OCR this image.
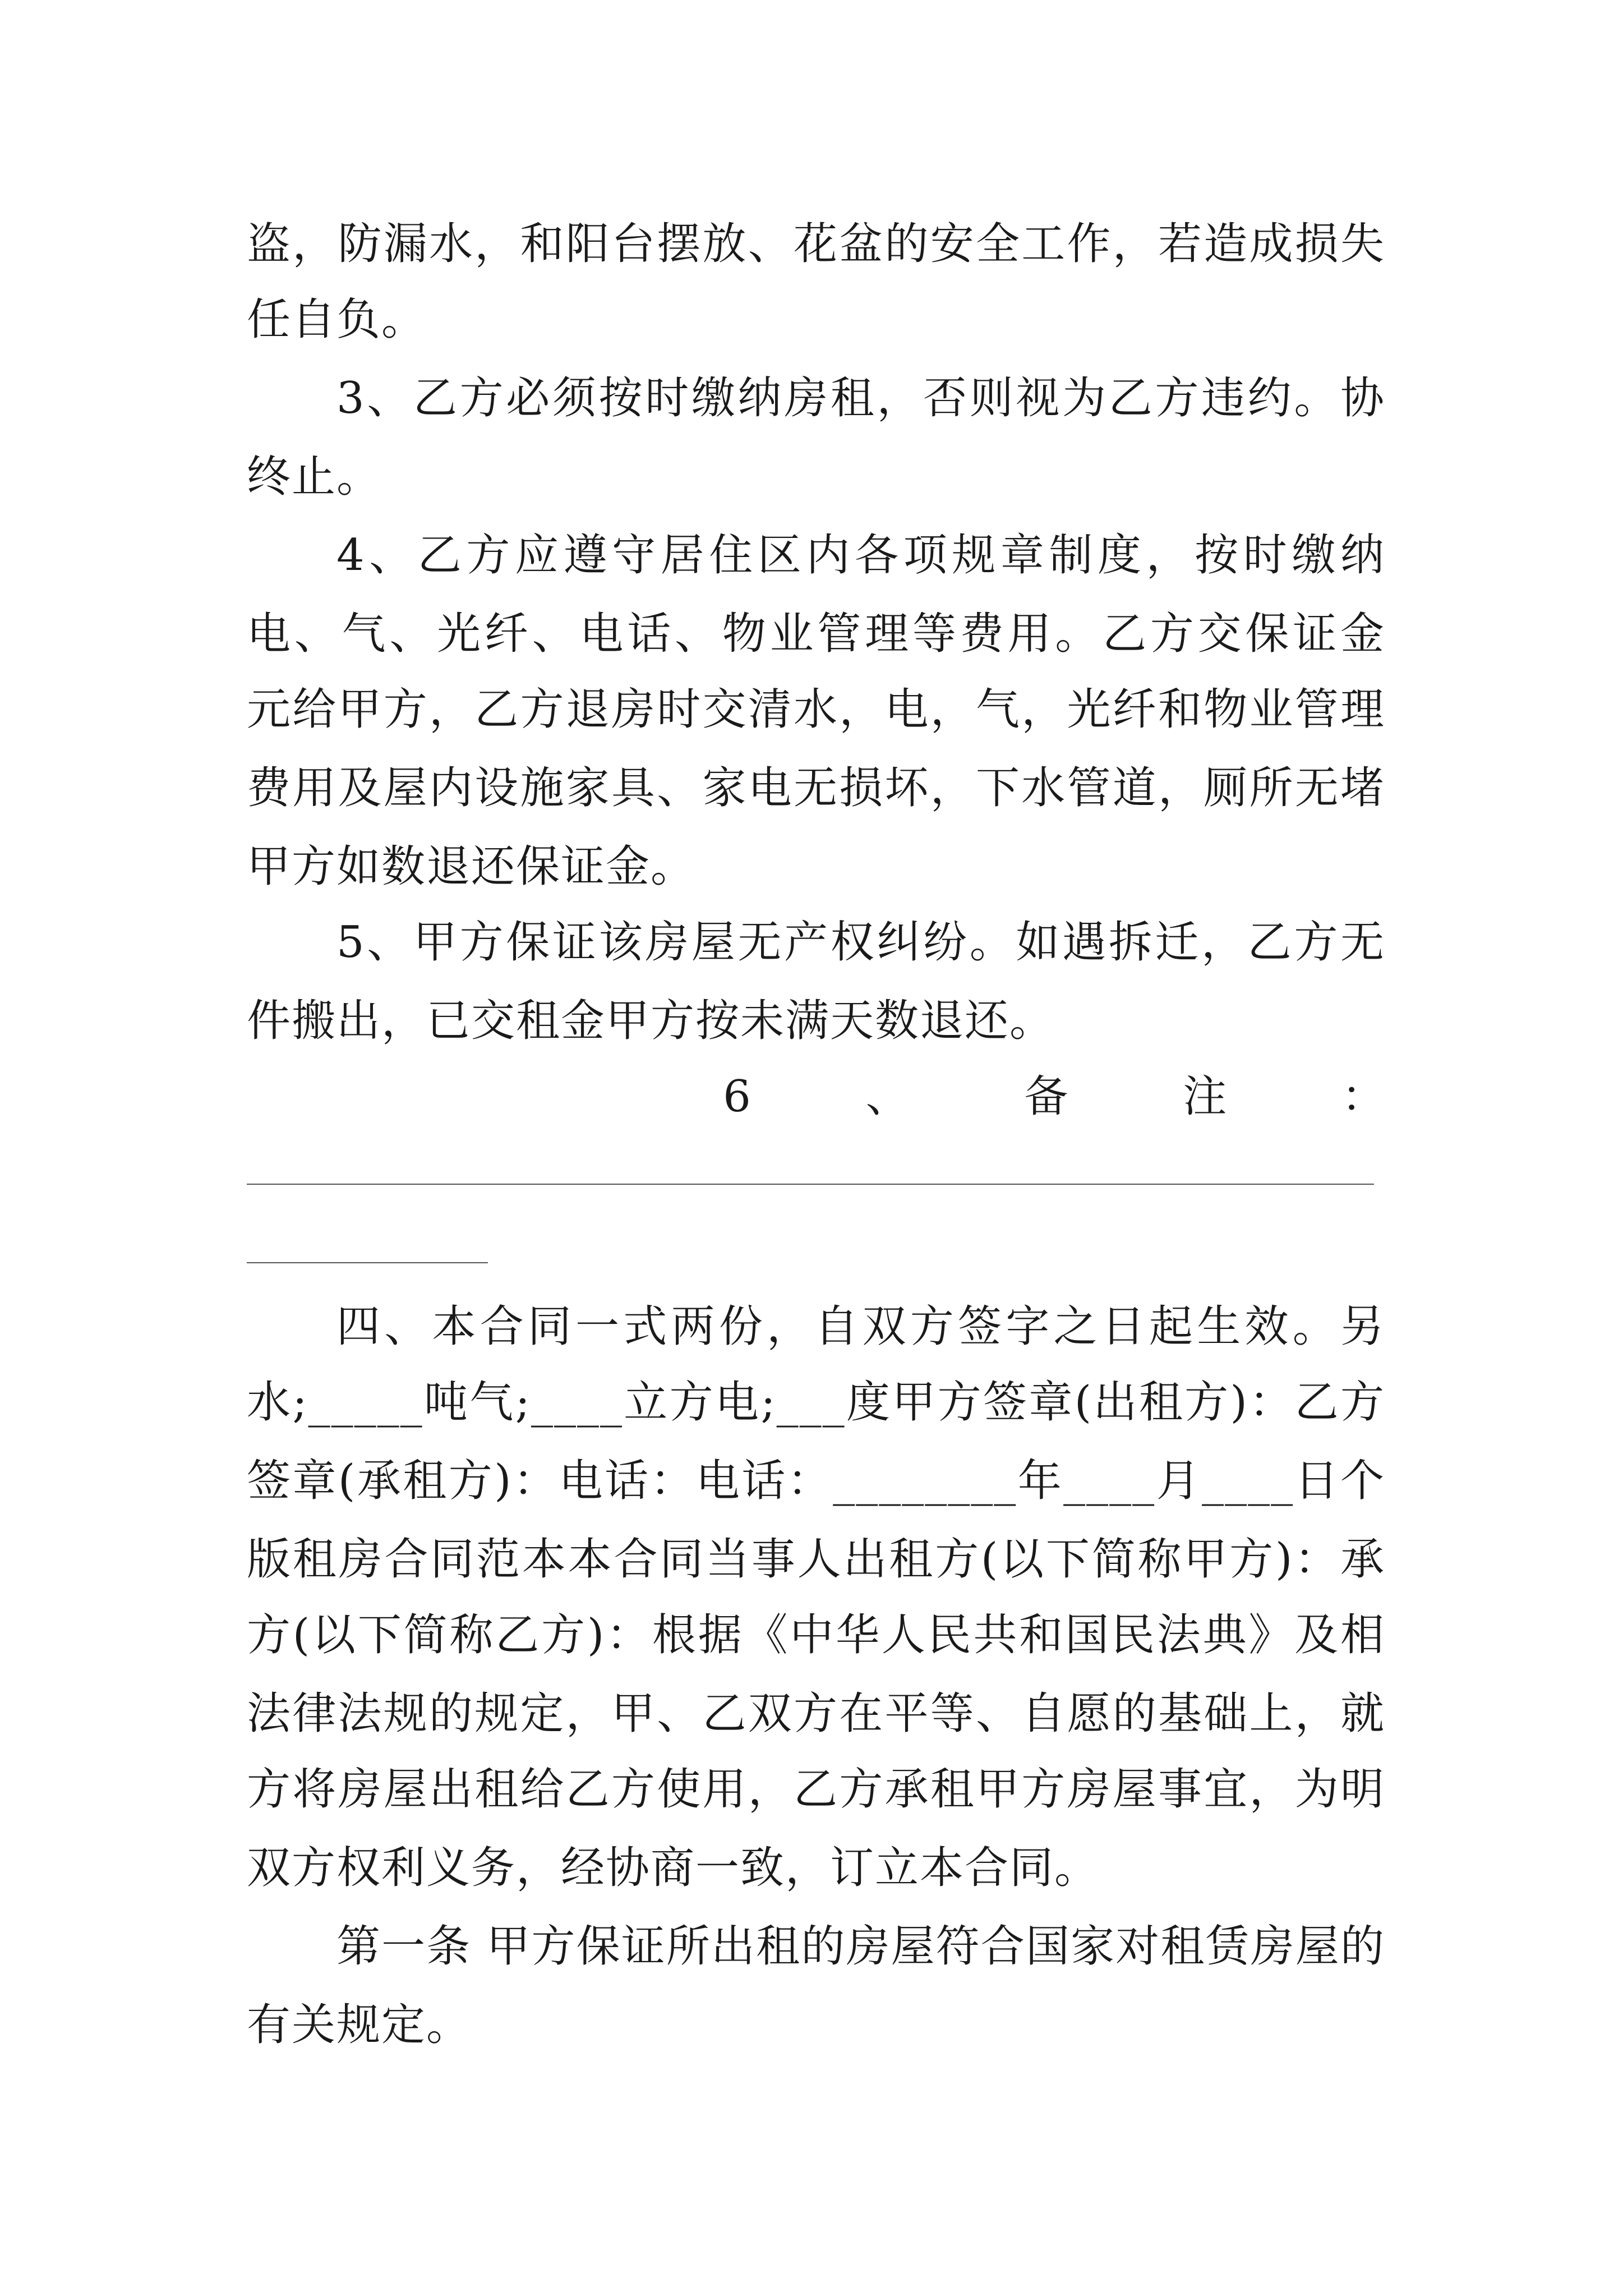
盗，防漏水，和阳台摆放、花盆的安全工作，若造成损失
任自负。
3、乙方必须按时缴纳房租，否则视为乙方违约。协
终止。
4、乙方应遵守居住区内各项规章制度，按时缴纳
电、气、光纤、电话、物业管理等费用。乙方交保证金
元给甲方，乙方退房时交清水，电，气，光纤和物业管理
费用及屋内设施家具、家电无损坏，下水管道，厕所无堵
甲方如数退还保证金。
5、甲方保证该房屋无产权纠纷。如遇拆迁，乙方无
件搬出，已交租金甲方按未满天数退还。
6 、 备 注 ：
四、本合同一式两份，自双方签字之日起生效。另
水;_____吨气;____立方电;___度甲方签章(出租方)：乙方
签章(承租方)：电话：电话：________年____月____日个
版租房合同范本本合同当事人出租方(以下简称甲方)：承
方(以下简称乙方)：根据《中华人民共和国民法典》及相
法律法规的规定，甲、乙双方在平等、自愿的基础上，就
方将房屋出租给乙方使用，乙方承租甲方房屋事宜，为明
双方权利义务，经协商一致，订立本合同。
第一条 甲方保证所出租的房屋符合国家对租赁房屋的
有关规定。
